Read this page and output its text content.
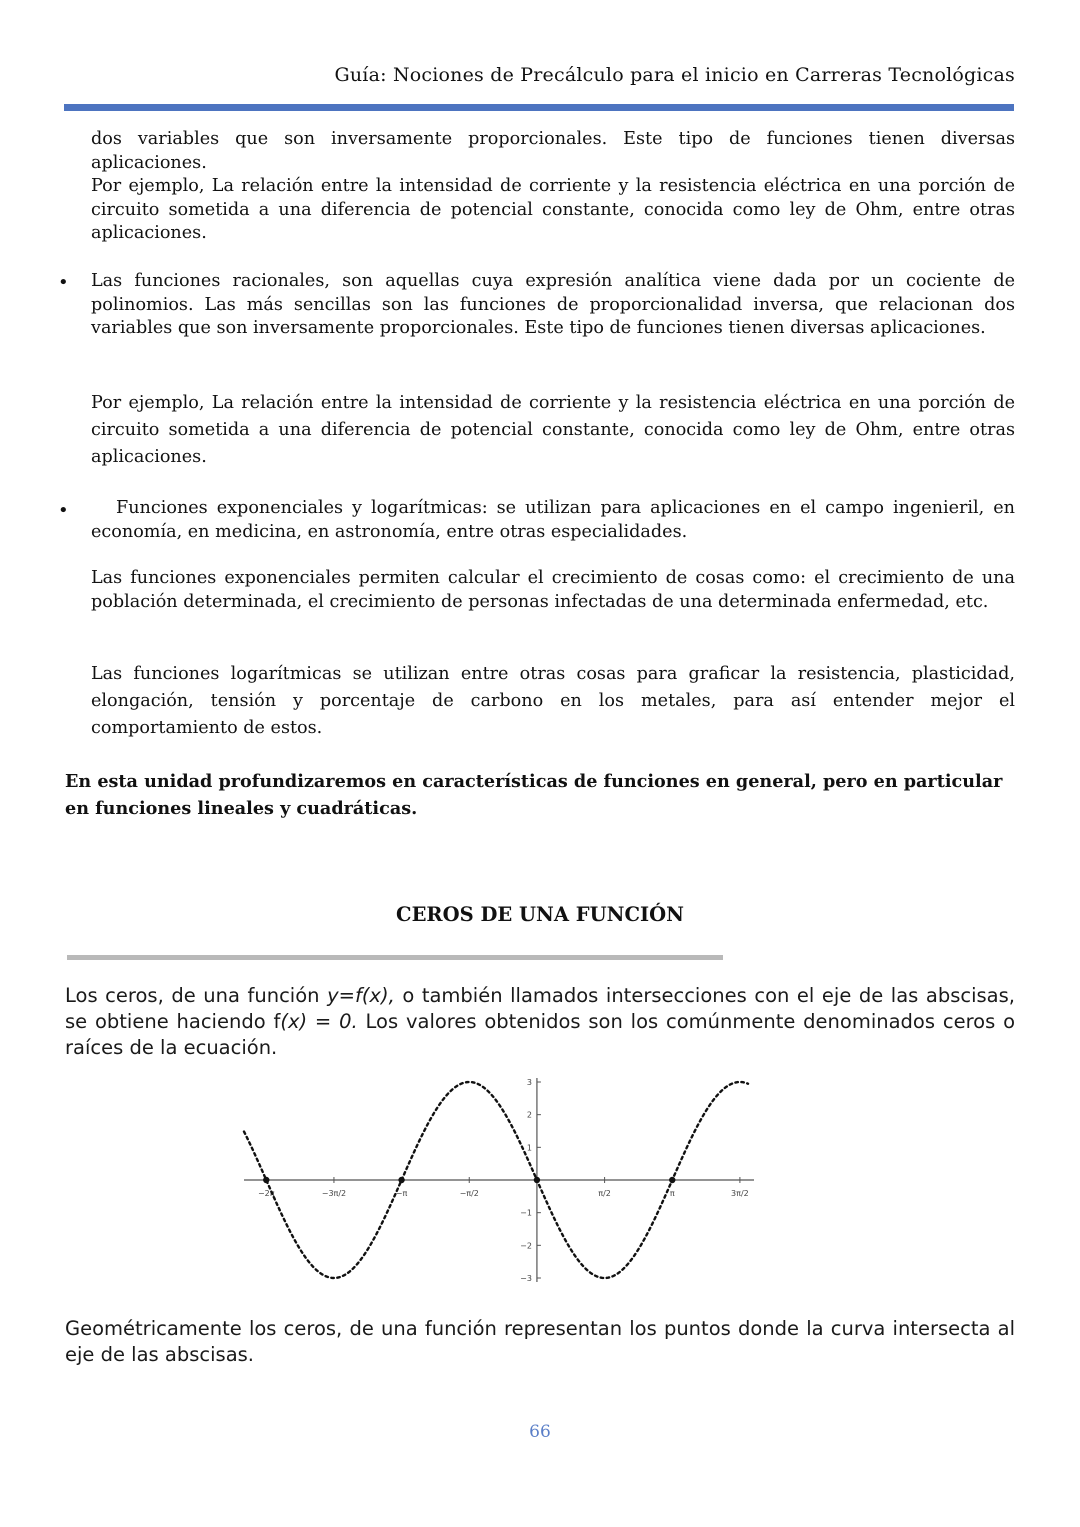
Guía: Nociones de Precálculo para el inicio en Carreras Tecnológicas

dos variables que son inversamente proporcionales. Este tipo de funciones tienen diversas aplicaciones.

Por ejemplo, La relación entre la intensidad de corriente y la resistencia eléctrica en una porción de circuito sometida a una diferencia de potencial constante, conocida como ley de Ohm, entre otras aplicaciones.

• Las funciones racionales, son aquellas cuya expresión analítica viene dada por un cociente de polinomios. Las más sencillas son las funciones de proporcionalidad inversa, que relacionan dos variables que son inversamente proporcionales. Este tipo de funciones tienen diversas aplicaciones.

Por ejemplo, La relación entre la intensidad de corriente y la resistencia eléctrica en una porción de circuito sometida a una diferencia de potencial constante, conocida como ley de Ohm, entre otras aplicaciones.

•	Funciones exponenciales y logarítmicas: se utilizan para aplicaciones en el campo ingenieril, en economía, en medicina, en astronomía, entre otras especialidades.

Las funciones exponenciales permiten calcular el crecimiento de cosas como: el crecimiento de una población determinada, el crecimiento de personas infectadas de una determinada enfermedad, etc.

Las funciones logarítmicas se utilizan entre otras cosas para graficar la resistencia, plasticidad, elongación, tensión y porcentaje de carbono en los metales, para así entender mejor el comportamiento de estos.

En esta unidad profundizaremos en características de funciones en general, pero en particular en funciones lineales y cuadráticas.

CEROS DE UNA FUNCIÓN

Los ceros, de una función y=f(x), o también llamados intersecciones con el eje de las abscisas, se obtiene haciendo f(x) = 0. Los valores obtenidos son los comúnmente denominados ceros o raíces de la ecuación.

3
2
1
−1
−2
−3
−2π	−3π/2	−π	−π/2	π/2	π	3π/2

Geométricamente los ceros, de una función representan los puntos donde la curva intersecta al eje de las abscisas.

66
